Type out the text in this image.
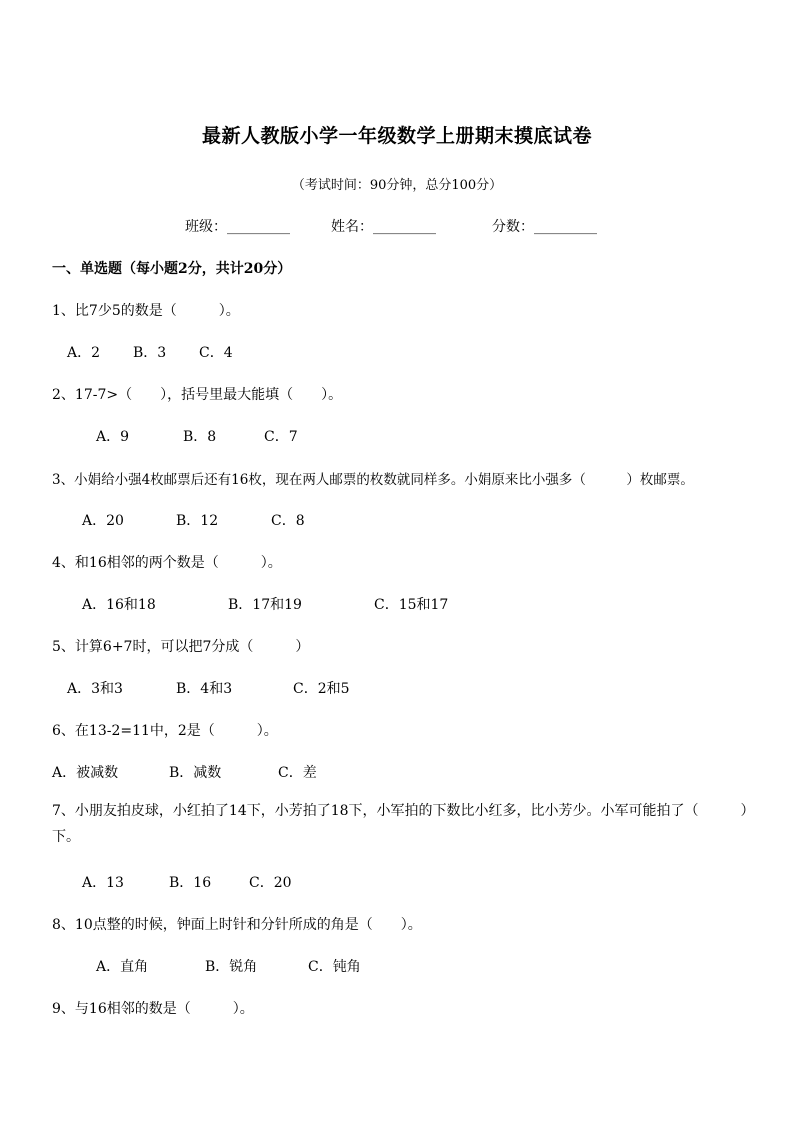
最新人教版小学一年级数学上册期末摸底试卷
（考试时间：90分钟，总分100分）
班级：_________	姓名：_________	分数：_________
一、单选题（每小题2分，共计20分）
1、比7少5的数是（　　　）。
A．2 B．3 C．4
2、17-7>（　　），括号里最大能填（　　）。
A．9	B．8	C．7
3、小娟给小强4枚邮票后还有16枚，现在两人邮票的枚数就同样多。小娟原来比小强多（　　　）枚邮票。
A．20	B．12	C．8
4、和16相邻的两个数是（　　　）。
A．16和18	B．17和19	C．15和17
5、计算6+7时，可以把7分成（　　　）
A．3和3	B．4和3	C．2和5
6、在13-2=11中，2是（　　　）。
A．被减数	B．减数	C．差
7、小朋友拍皮球，小红拍了14下，小芳拍了18下，小军拍的下数比小红多，比小芳少。小军可能拍了（　　　）下。
A．13	B．16	C．20
8、10点整的时候，钟面上时针和分针所成的角是（　　）。
A．直角	B．锐角	C．钝角
9、与16相邻的数是（　　　）。
